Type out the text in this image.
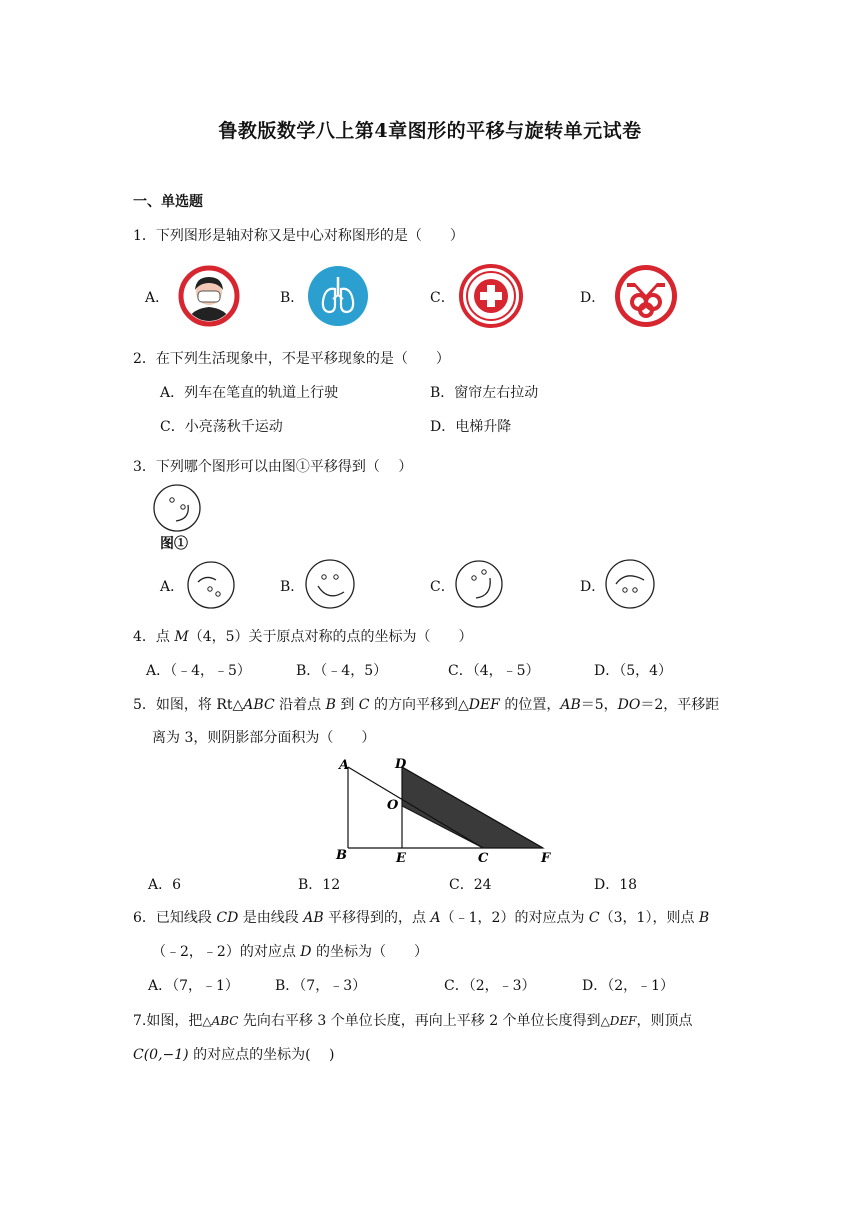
鲁教版数学八上第4章图形的平移与旋转单元试卷
一、单选题
1．下列图形是轴对称又是中心对称图形的是（　　）
A．	B．	C．	D．
2．在下列生活现象中，不是平移现象的是（　　）
A．列车在笔直的轨道上行驶	B．窗帘左右拉动
C．小亮荡秋千运动	D．电梯升降
3．下列哪个图形可以由图①平移得到（　 ）
图①
A．	B．	C．	D．
4．点 M（4，5）关于原点对称的点的坐标为（　　）
A．（﹣4，﹣5）	B．（﹣4，5）	C．（4，﹣5）	D．（5，4）
5．如图，将 Rt△ABC 沿着点 B 到 C 的方向平移到△DEF 的位置，AB＝5，DO＝2，平移距
离为 3，则阴影部分面积为（　　）
A
B
D
O
E	C	F
A．6	B．12	C．24	D．18
6．已知线段 CD 是由线段 AB 平移得到的，点 A（﹣1，2）的对应点为 C（3，1），则点 B
（﹣2，﹣2）的对应点 D 的坐标为（　　）
A．（7，﹣1）	B．（7，﹣3）	C．（2，﹣3）	D．（2，﹣1）
7.如图，把△ABC 先向右平移 3 个单位长度，再向上平移 2 个单位长度得到△DEF，则顶点
C(0,−1) 的对应点的坐标为(　 )
